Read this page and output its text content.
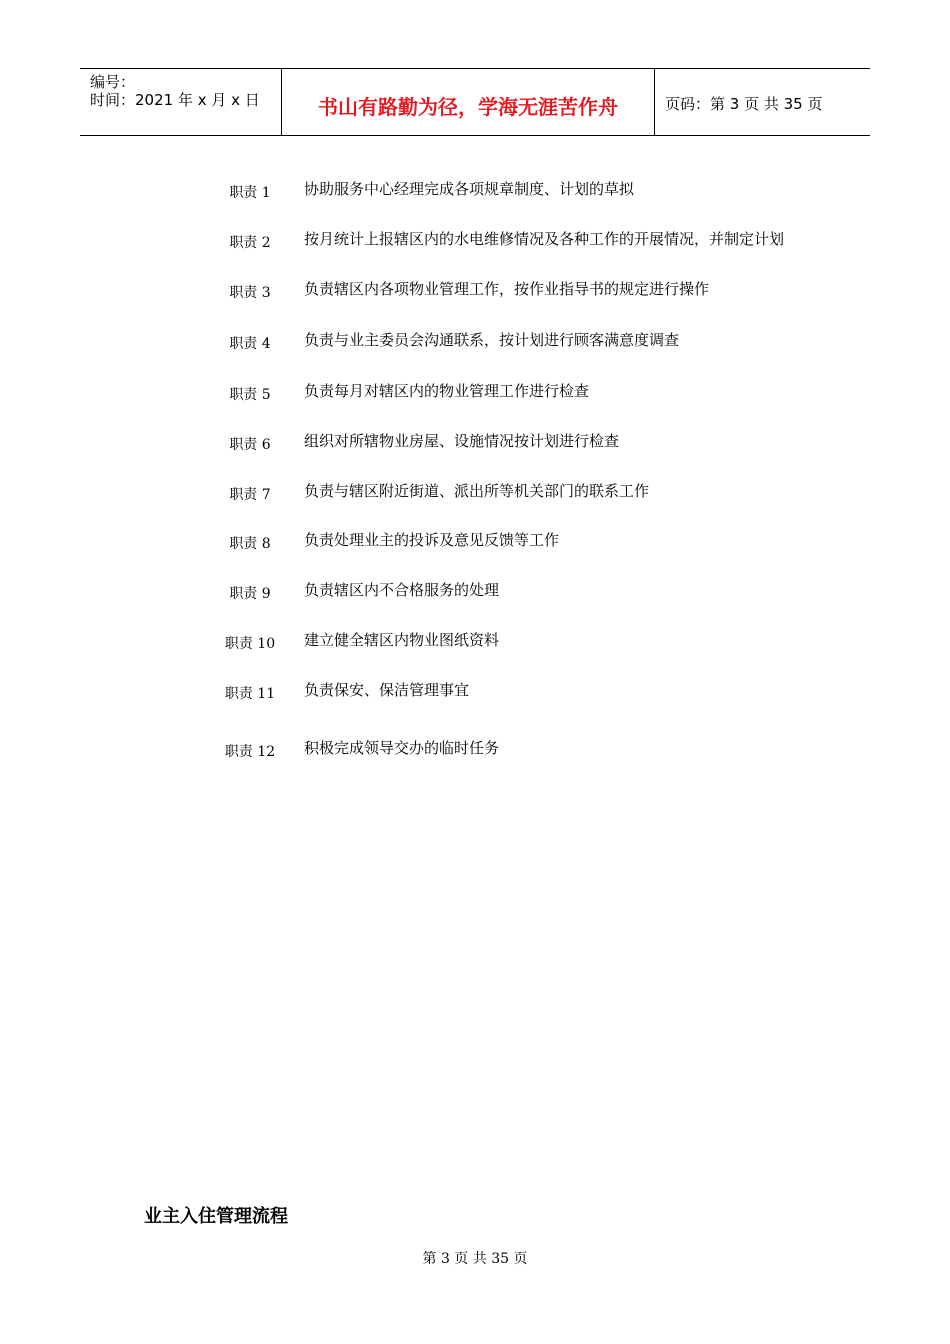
编号：
时间：2021 年 x 月 x 日	书山有路勤为径，学海无涯苦作舟	页码：第 3 页 共 35 页
职责 1	协助服务中心经理完成各项规章制度、计划的草拟
职责 2	按月统计上报辖区内的水电维修情况及各种工作的开展情况，并制定计划
职责 3	负责辖区内各项物业管理工作，按作业指导书的规定进行操作
职责 4	负责与业主委员会沟通联系，按计划进行顾客满意度调查
职责 5	负责每月对辖区内的物业管理工作进行检查
职责 6	组织对所辖物业房屋、设施情况按计划进行检查
职责 7	负责与辖区附近街道、派出所等机关部门的联系工作
职责 8	负责处理业主的投诉及意见反馈等工作
职责 9	负责辖区内不合格服务的处理
职责 10	建立健全辖区内物业图纸资料
职责 11	负责保安、保洁管理事宜
职责 12	积极完成领导交办的临时任务
业主入住管理流程
第 3 页 共 35 页
